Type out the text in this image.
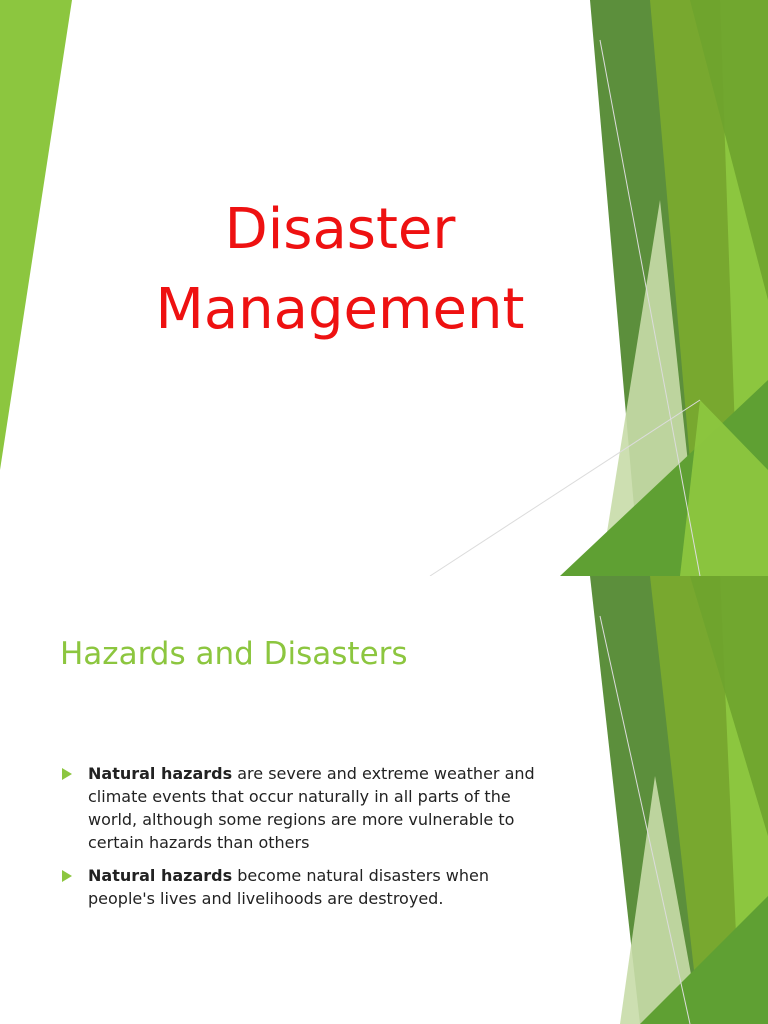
Disaster
Management
Hazards and Disasters
Natural hazards are severe and extreme weather and climate events that occur naturally in all parts of the world, although some regions are more vulnerable to certain hazards than others
Natural hazards become natural disasters when people's lives and livelihoods are destroyed.
